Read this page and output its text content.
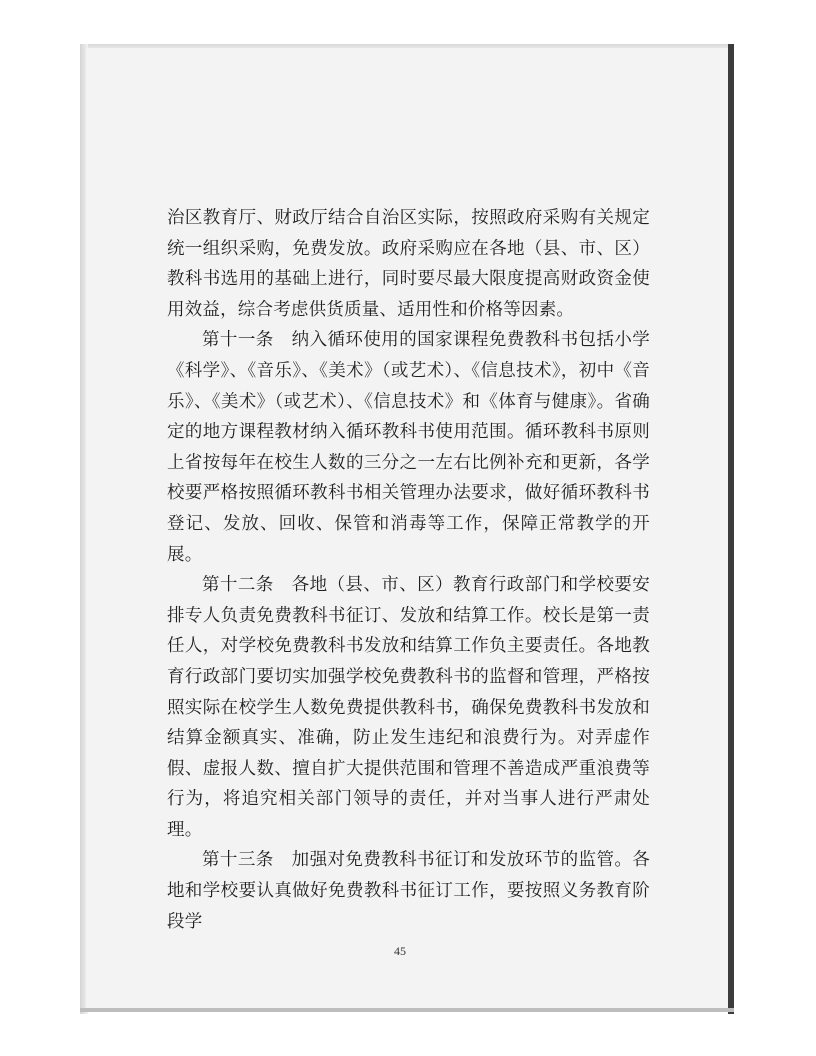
治区教育厅、财政厅结合自治区实际，按照政府采购有关规定统一组织采购，免费发放。政府采购应在各地（县、市、区）教科书选用的基础上进行，同时要尽最大限度提高财政资金使用效益，综合考虑供货质量、适用性和价格等因素。

第十一条　纳入循环使用的国家课程免费教科书包括小学《科学》、《音乐》、《美术》（或艺术）、《信息技术》，初中《音乐》、《美术》（或艺术）、《信息技术》和《体育与健康》。省确定的地方课程教材纳入循环教科书使用范围。循环教科书原则上省按每年在校生人数的三分之一左右比例补充和更新，各学校要严格按照循环教科书相关管理办法要求，做好循环教科书登记、发放、回收、保管和消毒等工作，保障正常教学的开展。

第十二条　各地（县、市、区）教育行政部门和学校要安排专人负责免费教科书征订、发放和结算工作。校长是第一责任人，对学校免费教科书发放和结算工作负主要责任。各地教育行政部门要切实加强学校免费教科书的监督和管理，严格按照实际在校学生人数免费提供教科书，确保免费教科书发放和结算金额真实、准确，防止发生违纪和浪费行为。对弄虚作假、虚报人数、擅自扩大提供范围和管理不善造成严重浪费等行为，将追究相关部门领导的责任，并对当事人进行严肃处理。

第十三条　加强对免费教科书征订和发放环节的监管。各地和学校要认真做好免费教科书征订工作，要按照义务教育阶段学

45
